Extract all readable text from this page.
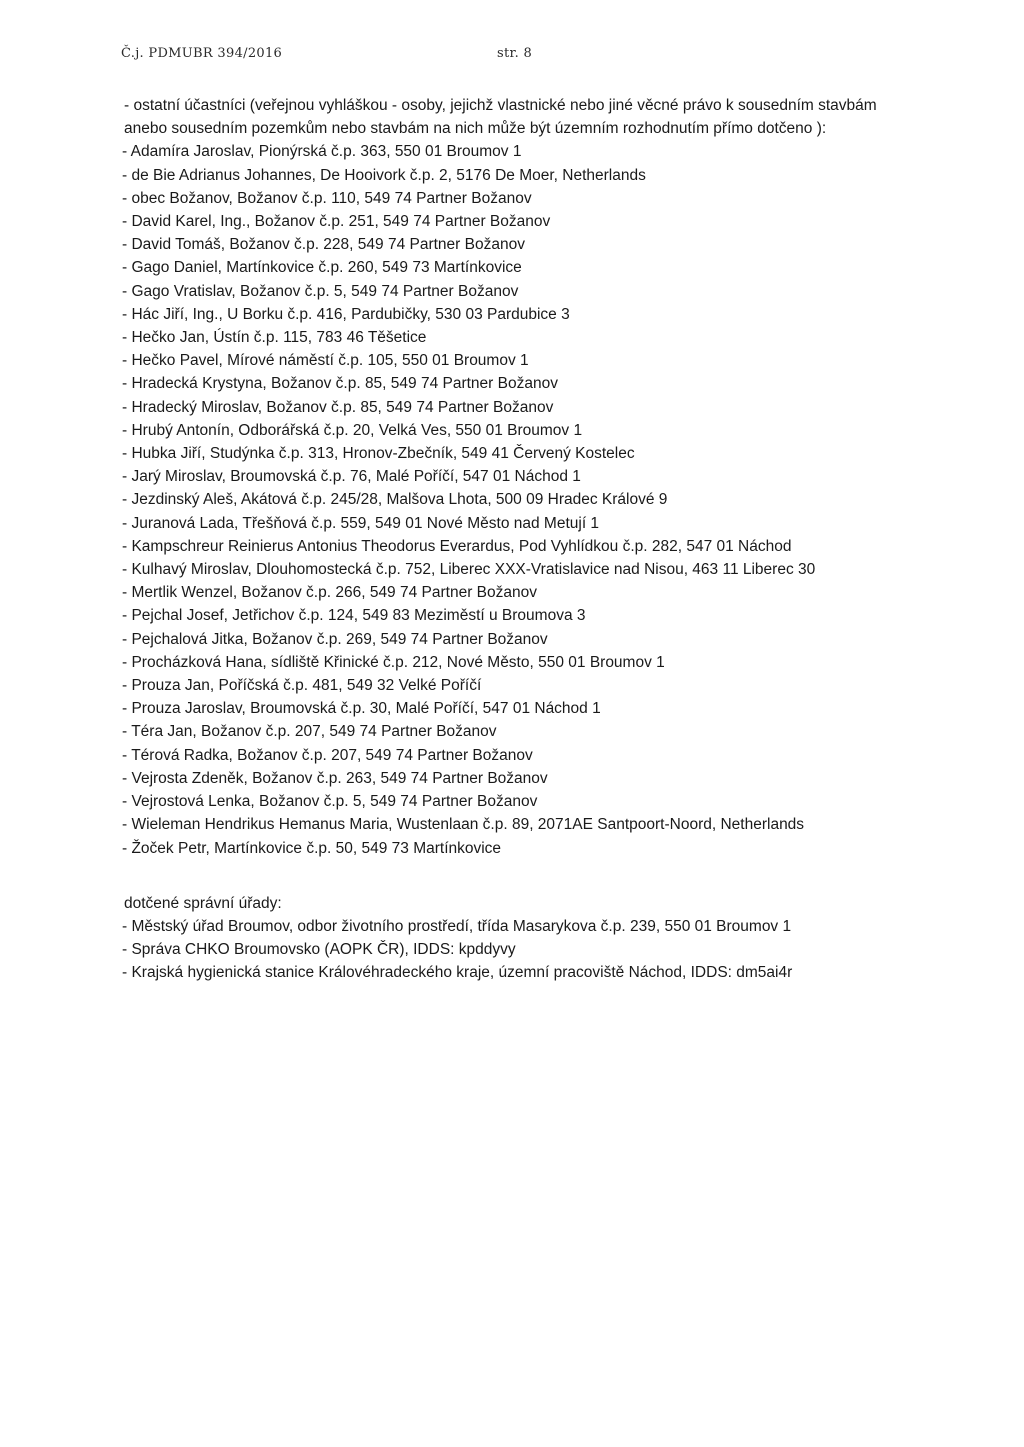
Č.j. PDMUBR 394/2016	str. 8

- ostatní účastníci (veřejnou vyhláškou - osoby, jejichž vlastnické nebo jiné věcné právo k sousedním stavbám anebo sousedním pozemkům nebo stavbám na nich může být územním rozhodnutím přímo dotčeno ):

- Adamíra Jaroslav, Pionýrská č.p. 363, 550 01 Broumov 1
- de Bie Adrianus Johannes, De Hooivork č.p. 2, 5176 De Moer, Netherlands
- obec Božanov, Božanov č.p. 110, 549 74 Partner Božanov
- David Karel, Ing., Božanov č.p. 251, 549 74 Partner Božanov
- David Tomáš, Božanov č.p. 228, 549 74 Partner Božanov
- Gago Daniel, Martínkovice č.p. 260, 549 73 Martínkovice
- Gago Vratislav, Božanov č.p. 5, 549 74 Partner Božanov
- Hác Jiří, Ing., U Borku č.p. 416, Pardubičky, 530 03 Pardubice 3
- Hečko Jan, Ústín č.p. 115, 783 46 Těšetice
- Hečko Pavel, Mírové náměstí č.p. 105, 550 01 Broumov 1
- Hradecká Krystyna, Božanov č.p. 85, 549 74 Partner Božanov
- Hradecký Miroslav, Božanov č.p. 85, 549 74 Partner Božanov
- Hrubý Antonín, Odborářská č.p. 20, Velká Ves, 550 01 Broumov 1
- Hubka Jiří, Studýnka č.p. 313, Hronov-Zbečník, 549 41 Červený Kostelec
- Jarý Miroslav, Broumovská č.p. 76, Malé Poříčí, 547 01 Náchod 1
- Jezdinský Aleš, Akátová č.p. 245/28, Malšova Lhota, 500 09 Hradec Králové 9
- Juranová Lada, Třešňová č.p. 559, 549 01 Nové Město nad Metují 1
- Kampschreur Reinierus Antonius Theodorus Everardus, Pod Vyhlídkou č.p. 282, 547 01 Náchod
- Kulhavý Miroslav, Dlouhomostecká č.p. 752, Liberec XXX-Vratislavice nad Nisou, 463 11 Liberec 30
- Mertlik Wenzel, Božanov č.p. 266, 549 74 Partner Božanov
- Pejchal Josef, Jetřichov č.p. 124, 549 83 Meziměstí u Broumova 3
- Pejchalová Jitka, Božanov č.p. 269, 549 74 Partner Božanov
- Procházková Hana, sídliště Křinické č.p. 212, Nové Město, 550 01 Broumov 1
- Prouza Jan, Poříčská č.p. 481, 549 32 Velké Poříčí
- Prouza Jaroslav, Broumovská č.p. 30, Malé Poříčí, 547 01 Náchod 1
- Téra Jan, Božanov č.p. 207, 549 74 Partner Božanov
- Térová Radka, Božanov č.p. 207, 549 74 Partner Božanov
- Vejrosta Zdeněk, Božanov č.p. 263, 549 74 Partner Božanov
- Vejrostová Lenka, Božanov č.p. 5, 549 74 Partner Božanov
- Wieleman Hendrikus Hemanus Maria, Wustenlaan č.p. 89, 2071AE Santpoort-Noord, Netherlands
- Žoček Petr, Martínkovice č.p. 50, 549 73 Martínkovice

dotčené správní úřady:

- Městský úřad Broumov, odbor životního prostředí, třída Masarykova č.p. 239, 550 01 Broumov 1
- Správa CHKO Broumovsko (AOPK ČR), IDDS: kpddyvy
- Krajská hygienická stanice Královéhradeckého kraje, územní pracoviště Náchod, IDDS: dm5ai4r
